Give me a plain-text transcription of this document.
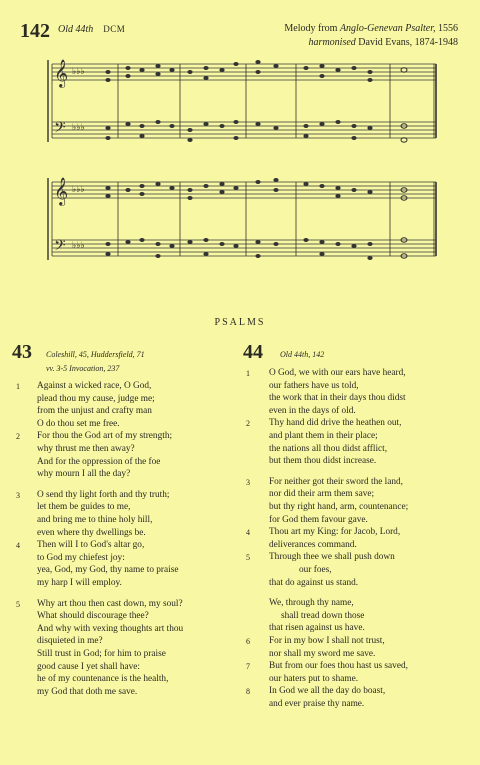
142 Old 44th DCM	Melody from Anglo-Genevan Psalter, 1556
harmonised David Evans, 1874-1948
𝄞
𝄢
♭♭♭
♭♭♭
𝄞
𝄢
♭♭♭
♭♭♭
PSALMS
43 Coleshill, 45, Huddersfield, 71
vv. 3-5 Invocation, 237
1 Against a wicked race, O God,
plead thou my cause, judge me;
from the unjust and crafty man
O do thou set me free.
2 For thou the God art of my strength;
why thrust me then away?
And for the oppression of the foe
why mourn I all the day?
3 O send thy light forth and thy truth;
let them be guides to me,
and bring me to thine holy hill,
even where thy dwellings be.
4 Then will I to God's altar go,
to God my chiefest joy:
yea, God, my God, thy name to praise
my harp I will employ.
5 Why art thou then cast down, my soul?
What should discourage thee?
And why with vexing thoughts art thou
disquieted in me?
Still trust in God; for him to praise
good cause I yet shall have:
he of my countenance is the health,
my God that doth me save.
44 Old 44th, 142
1 O God, we with our ears have heard,
our fathers have us told,
the work that in their days thou didst
even in the days of old.
2 Thy hand did drive the heathen out,
and plant them in their place;
the nations all thou didst afflict,
but them thou didst increase.
3 For neither got their sword the land,
nor did their arm them save;
but thy right hand, arm, countenance;
for God them favour gave.
4 Thou art my King: for Jacob, Lord,
deliverances command.
5 Through thee we shall push down
our foes,
that do against us stand.
We, through thy name,
shall tread down those
that risen against us have.
6 For in my bow I shall not trust,
nor shall my sword me save.
7 But from our foes thou hast us saved,
our haters put to shame.
8 In God we all the day do boast,
and ever praise thy name.
